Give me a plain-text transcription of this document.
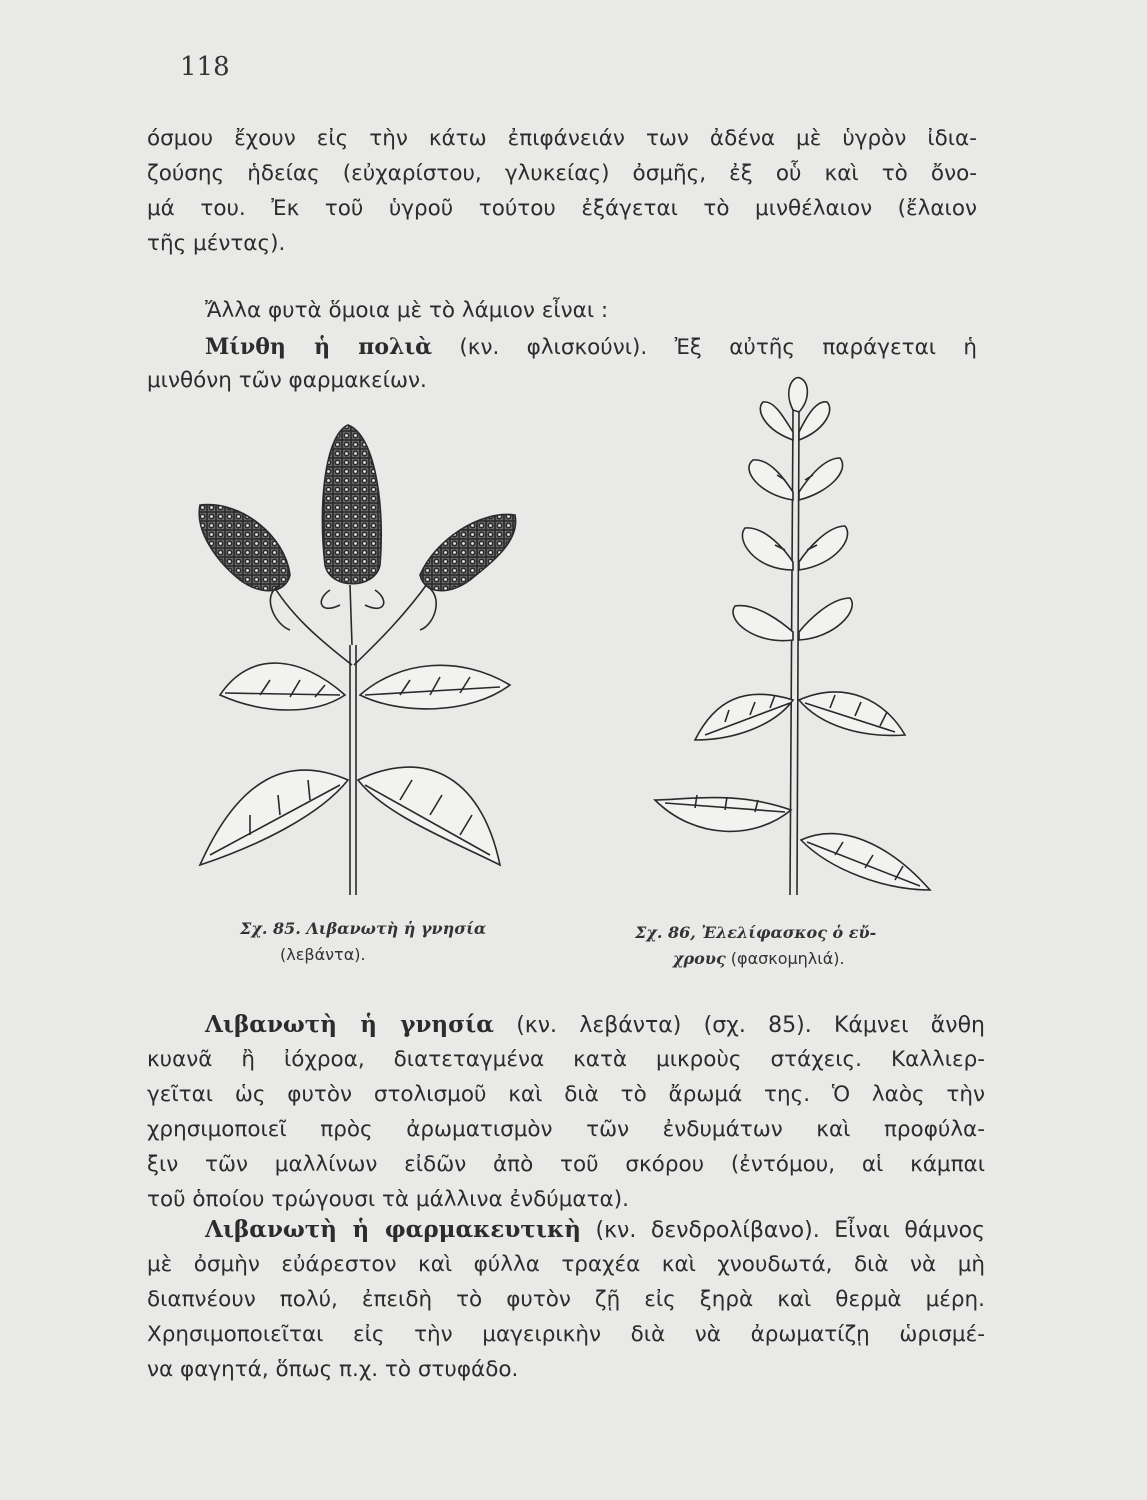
118
όσμου ἔχουν εἰς τὴν κάτω ἐπιφάνειάν των ἀδένα μὲ ὑγρὸν ἰδια-
ζούσης ἡδείας (εὐχαρίστου, γλυκείας) ὀσμῆς, ἐξ οὗ καὶ τὸ ὄνο-
μά του. Ἐκ τοῦ ὑγροῦ τούτου ἐξάγεται τὸ μινθέλαιον (ἔλαιον
τῆς μέντας).
Ἄλλα φυτὰ ὅμοια μὲ τὸ λάμιον εἶναι :
Μίνθη ἡ πολιὰ (κν. φλισκούνι). Ἐξ αὐτῆς παράγεται ἡ
μινθόνη τῶν φαρμακείων.
Σχ. 85. Λιβανωτὴ ἡ γνησία
(λεβάντα).
Σχ. 86, Ἐλελίφασκος ὁ εὔ-
χρους (φασκομηλιά).
Λιβανωτὴ ἡ γνησία (κν. λεβάντα) (σχ. 85). Κάμνει ἄνθη
κυανᾶ ἢ ἰόχροα, διατεταγμένα κατὰ μικροὺς στάχεις. Καλλιερ-
γεῖται ὡς φυτὸν στολισμοῦ καὶ διὰ τὸ ἄρωμά της. Ὁ λαὸς τὴν
χρησιμοποιεῖ πρὸς ἀρωματισμὸν τῶν ἐνδυμάτων καὶ προφύλα-
ξιν τῶν μαλλίνων εἰδῶν ἀπὸ τοῦ σκόρου (ἐντόμου, αἱ κάμπαι
τοῦ ὁποίου τρώγουσι τὰ μάλλινα ἐνδύματα).
Λιβανωτὴ ἡ φαρμακευτικὴ (κν. δενδρολίβανο). Εἶναι θάμνος
μὲ ὀσμὴν εὐάρεστον καὶ φύλλα τραχέα καὶ χνουδωτά, διὰ νὰ μὴ
διαπνέουν πολύ, ἐπειδὴ τὸ φυτὸν ζῇ εἰς ξηρὰ καὶ θερμὰ μέρη.
Χρησιμοποιεῖται εἰς τὴν μαγειρικὴν διὰ νὰ ἀρωματίζῃ ὡρισμέ-
να φαγητά, ὅπως π.χ. τὸ στυφάδο.
